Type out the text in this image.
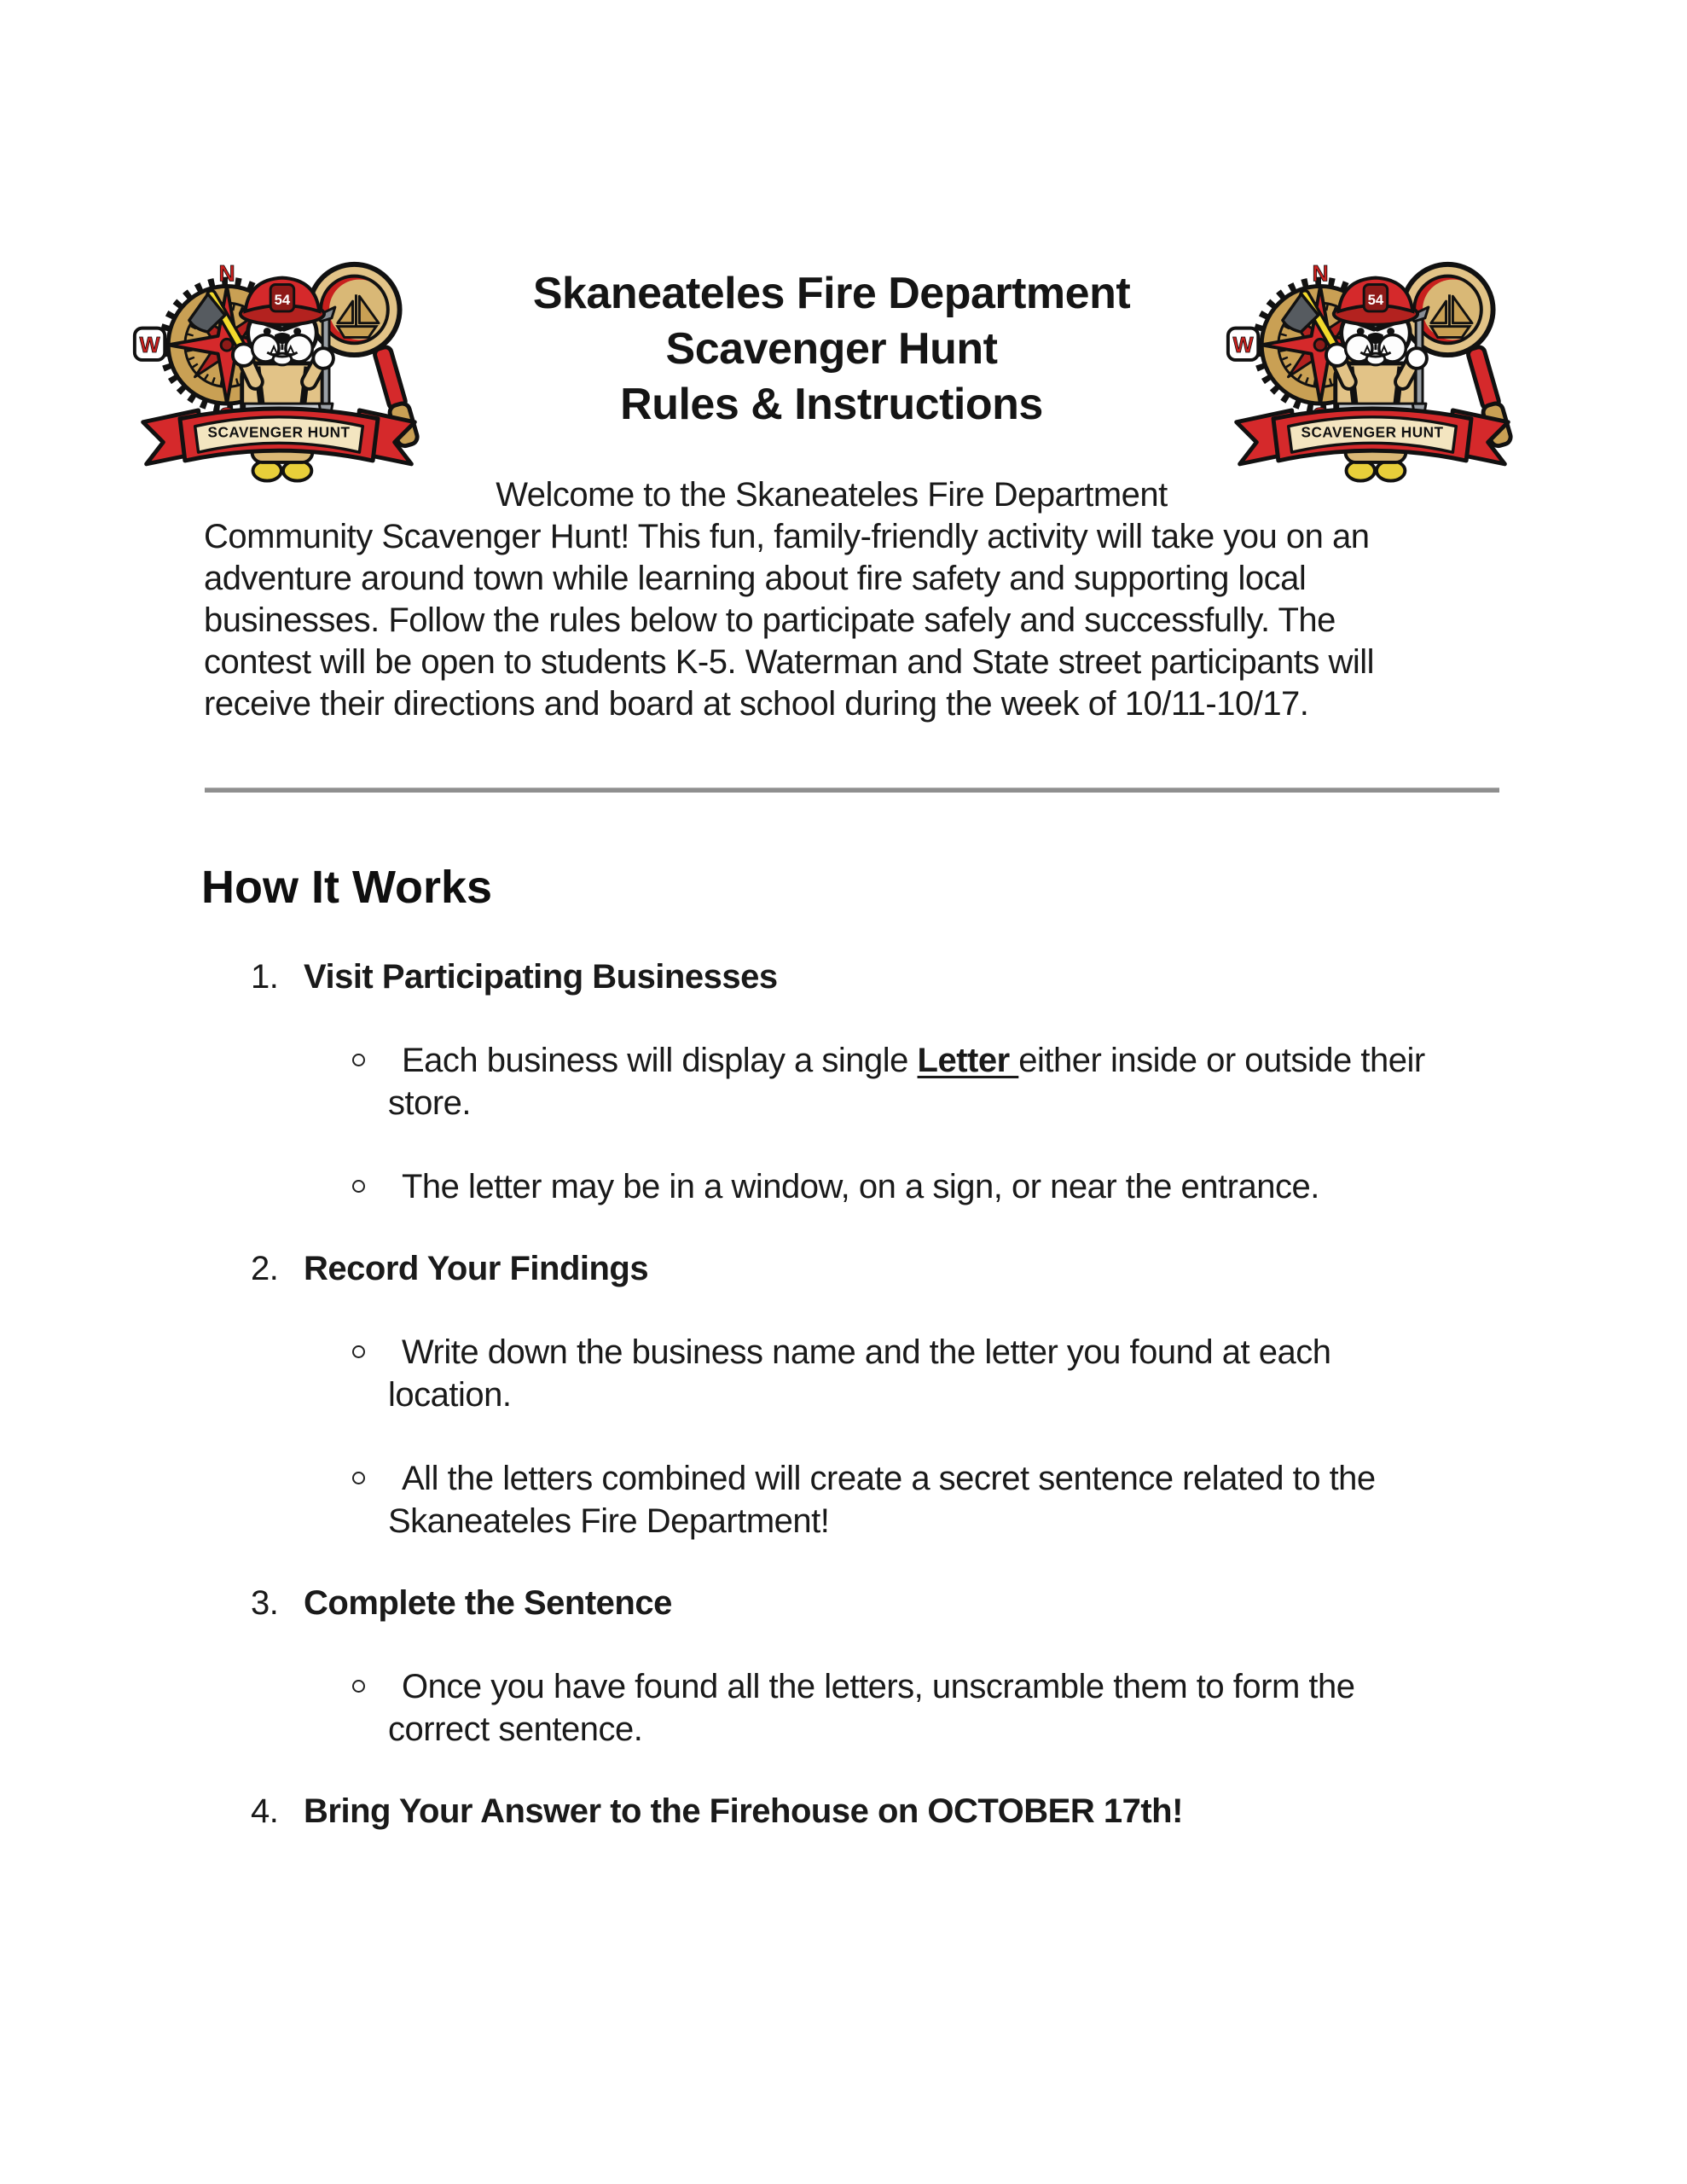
Skaneateles Fire Department
Scavenger Hunt
Rules & Instructions
Welcome to the Skaneateles Fire Department
Community Scavenger Hunt! This fun, family-friendly activity will take you on an
adventure around town while learning about fire safety and supporting local
businesses. Follow the rules below to participate safely and successfully. The
contest will be open to students K-5. Waterman and State street participants will
receive their directions and board at school during the week of 10/11-10/17.
How It Works
1. Visit Participating Businesses
Each business will display a single Letter either inside or outside their
store.
The letter may be in a window, on a sign, or near the entrance.
2. Record Your Findings
Write down the business name and the letter you found at each
location.
All the letters combined will create a secret sentence related to the
Skaneateles Fire Department!
3. Complete the Sentence
Once you have found all the letters, unscramble them to form the
correct sentence.
4. Bring Your Answer to the Firehouse on OCTOBER 17th!
